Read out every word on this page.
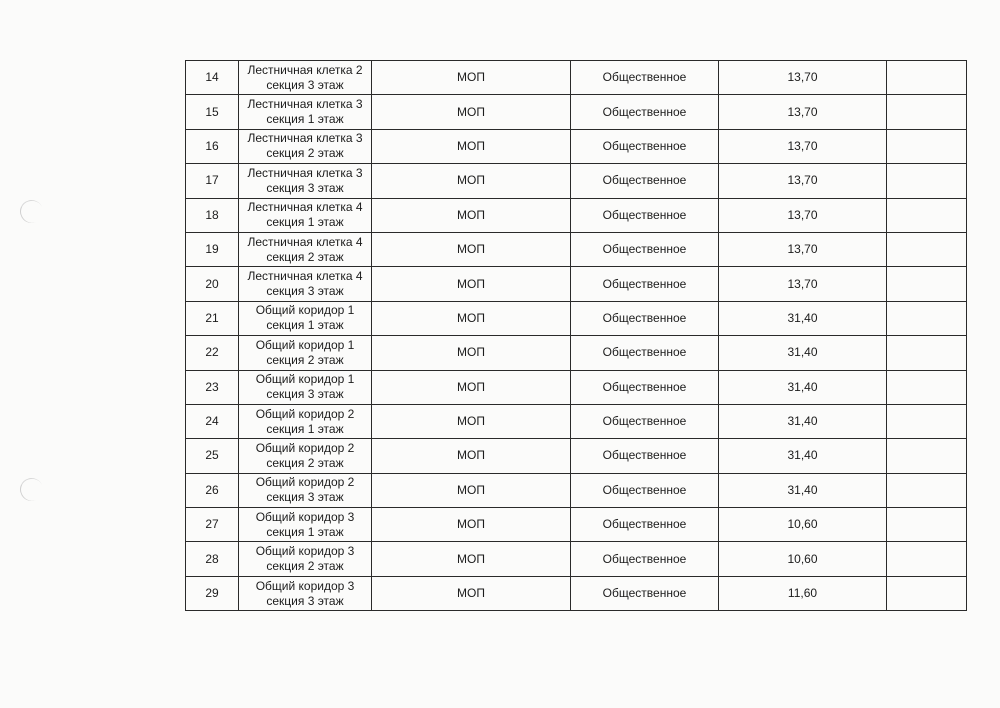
14	Лестничная клетка 2
секция 3 этаж	МОП	Общественное	13,70	
15	Лестничная клетка 3
секция 1 этаж	МОП	Общественное	13,70	
16	Лестничная клетка 3
секция 2 этаж	МОП	Общественное	13,70	
17	Лестничная клетка 3
секция 3 этаж	МОП	Общественное	13,70	
18	Лестничная клетка 4
секция 1 этаж	МОП	Общественное	13,70	
19	Лестничная клетка 4
секция 2 этаж	МОП	Общественное	13,70	
20	Лестничная клетка 4
секция 3 этаж	МОП	Общественное	13,70	
21	Общий коридор 1
секция 1 этаж	МОП	Общественное	31,40	
22	Общий коридор 1
секция 2 этаж	МОП	Общественное	31,40	
23	Общий коридор 1
секция 3 этаж	МОП	Общественное	31,40	
24	Общий коридор 2
секция 1 этаж	МОП	Общественное	31,40	
25	Общий коридор 2
секция 2 этаж	МОП	Общественное	31,40	
26	Общий коридор 2
секция 3 этаж	МОП	Общественное	31,40	
27	Общий коридор 3
секция 1 этаж	МОП	Общественное	10,60	
28	Общий коридор 3
секция 2 этаж	МОП	Общественное	10,60	
29	Общий коридор 3
секция 3 этаж	МОП	Общественное	11,60	
